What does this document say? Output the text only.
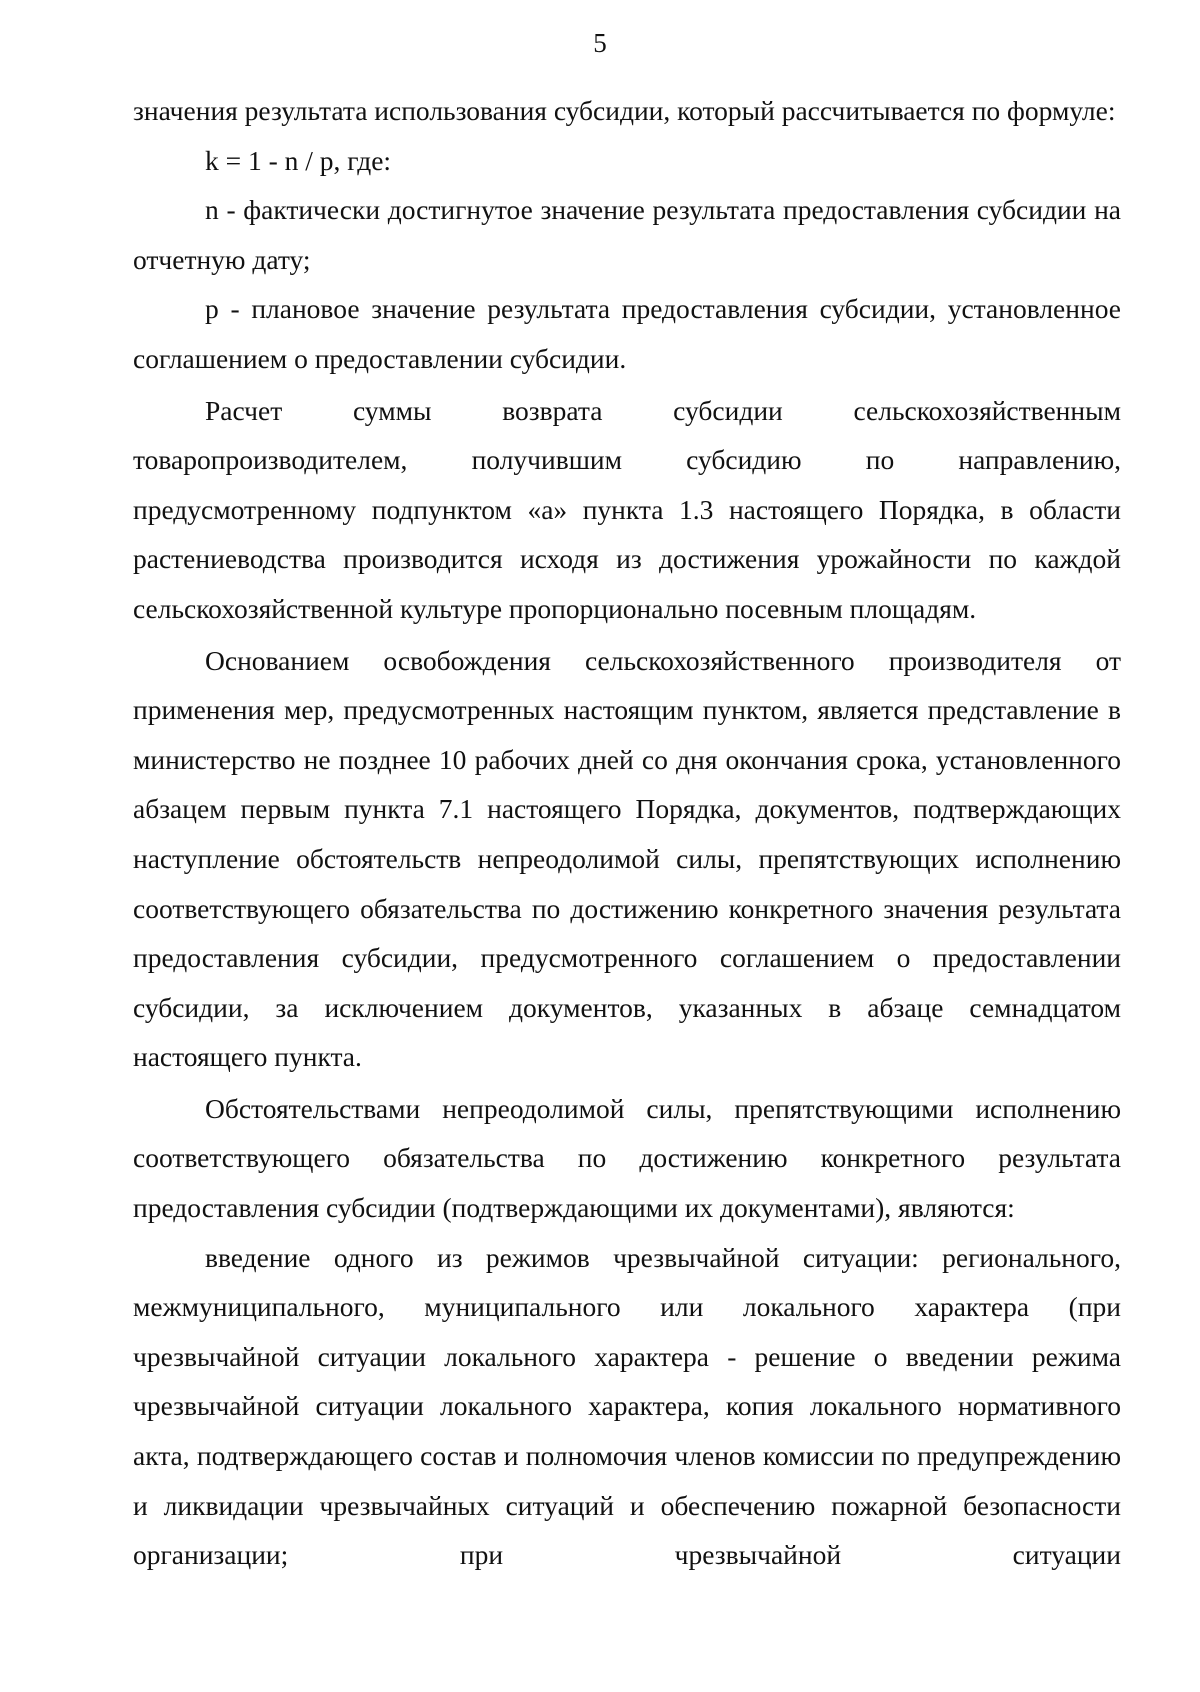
5

значения результата использования субсидии, который рассчитывается по формуле:

k = 1 - n / p, где:

n - фактически достигнутое значение результата предоставления субсидии на отчетную дату;

p - плановое значение результата предоставления субсидии, установленное соглашением о предоставлении субсидии.

Расчет суммы возврата субсидии сельскохозяйственным товаропроизводителем, получившим субсидию по направлению, предусмотренному подпунктом «а» пункта 1.3 настоящего Порядка, в области растениеводства производится исходя из достижения урожайности по каждой сельскохозяйственной культуре пропорционально посевным площадям.

Основанием освобождения сельскохозяйственного производителя от применения мер, предусмотренных настоящим пунктом, является представление в министерство не позднее 10 рабочих дней со дня окончания срока, установленного абзацем первым пункта 7.1 настоящего Порядка, документов, подтверждающих наступление обстоятельств непреодолимой силы, препятствующих исполнению соответствующего обязательства по достижению конкретного значения результата предоставления субсидии, предусмотренного соглашением о предоставлении субсидии, за исключением документов, указанных в абзаце семнадцатом настоящего пункта.

Обстоятельствами непреодолимой силы, препятствующими исполнению соответствующего обязательства по достижению конкретного результата предоставления субсидии (подтверждающими их документами), являются:

введение одного из режимов чрезвычайной ситуации: регионального, межмуниципального, муниципального или локального характера (при чрезвычайной ситуации локального характера - решение о введении режима чрезвычайной ситуации локального характера, копия локального нормативного акта, подтверждающего состав и полномочия членов комиссии по предупреждению и ликвидации чрезвычайных ситуаций и обеспечению пожарной безопасности организации; при чрезвычайной ситуации
